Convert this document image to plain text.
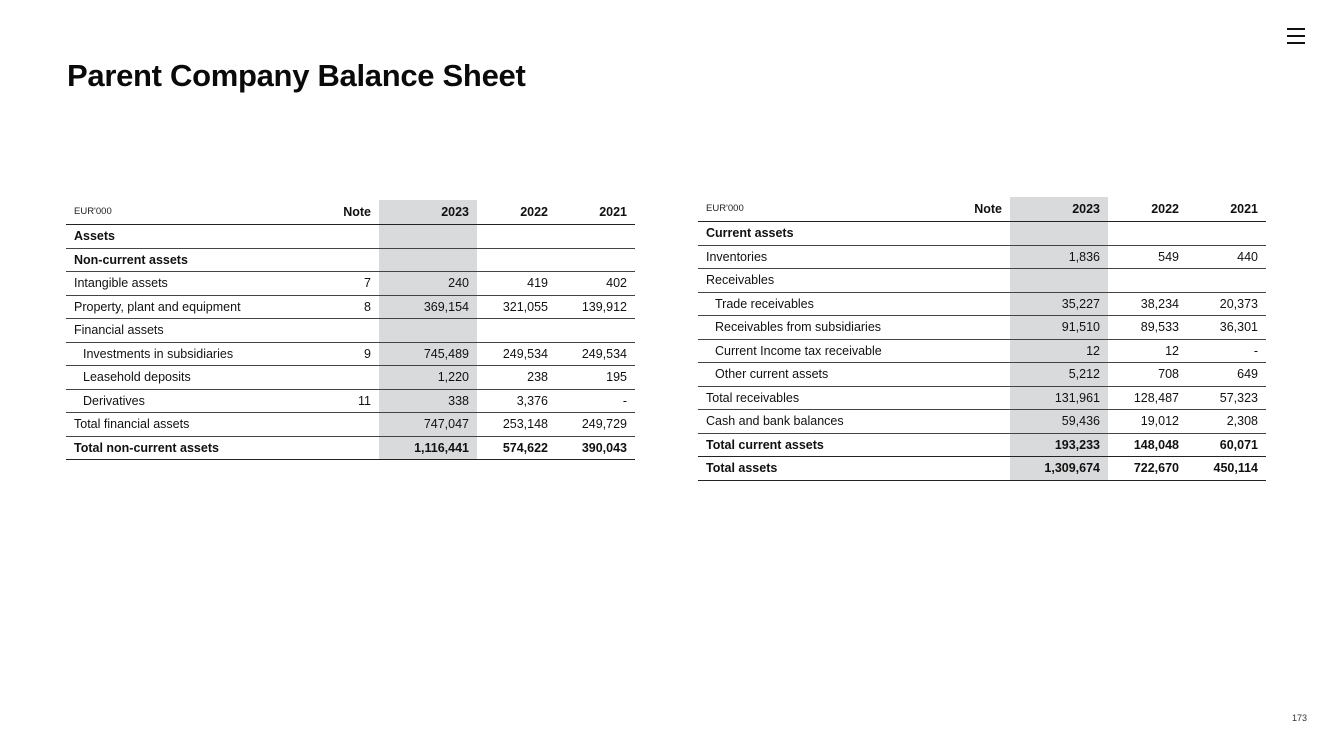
Parent Company Balance Sheet
EUR'000	Note	2023	2022	2021
Assets				
Non-current assets				
Intangible assets	7	240	419	402
Property, plant and equipment	8	369,154	321,055	139,912
Financial assets				
Investments in subsidiaries	9	745,489	249,534	249,534
Leasehold deposits		1,220	238	195
Derivatives	11	338	3,376	-
Total financial assets		747,047	253,148	249,729
Total non-current assets		1,116,441	574,622	390,043
EUR'000	Note	2023	2022	2021
Current assets				
Inventories		1,836	549	440
Receivables				
Trade receivables		35,227	38,234	20,373
Receivables from subsidiaries		91,510	89,533	36,301
Current Income tax receivable		12	12	-
Other current assets		5,212	708	649
Total receivables		131,961	128,487	57,323
Cash and bank balances		59,436	19,012	2,308
Total current assets		193,233	148,048	60,071
Total assets		1,309,674	722,670	450,114
173
